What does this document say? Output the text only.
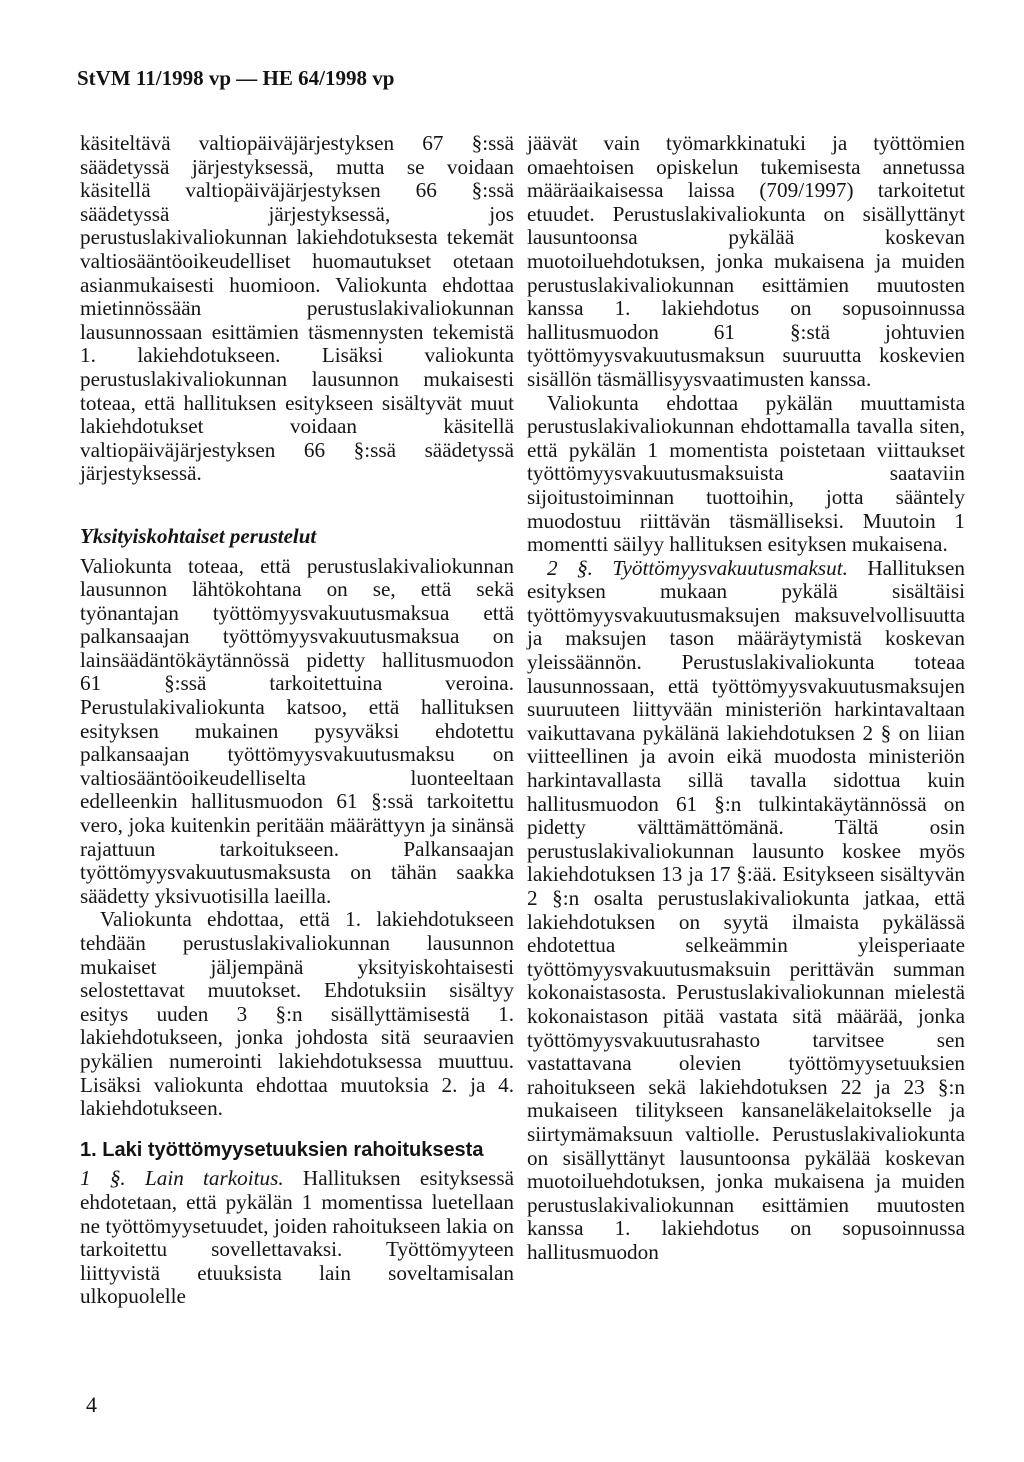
StVM 11/1998 vp — HE 64/1998 vp

käsiteltävä valtiopäiväjärjestyksen 67 §:ssä säädetyssä järjestyksessä, mutta se voidaan käsitellä valtiopäiväjärjestyksen 66 §:ssä säädetyssä järjestyksessä, jos perustuslakivaliokunnan lakiehdotuksesta tekemät valtiosääntöoikeudelliset huomautukset otetaan asianmukaisesti huomioon. Valiokunta ehdottaa mietinnössään perustuslakivaliokunnan lausunnossaan esittämien täsmennysten tekemistä 1. lakiehdotukseen. Lisäksi valiokunta perustuslakivaliokunnan lausunnon mukaisesti toteaa, että hallituksen esitykseen sisältyvät muut lakiehdotukset voidaan käsitellä valtiopäiväjärjestyksen 66 §:ssä säädetyssä järjestyksessä.

Yksityiskohtaiset perustelut

Valiokunta toteaa, että perustuslakivaliokunnan lausunnon lähtökohtana on se, että sekä työnantajan työttömyysvakuutusmaksua että palkansaajan työttömyysvakuutusmaksua on lainsäädäntökäytännössä pidetty hallitusmuodon 61 §:ssä tarkoitettuina veroina. Perustulakivaliokunta katsoo, että hallituksen esityksen mukainen pysyväksi ehdotettu palkansaajan työttömyysvakuutusmaksu on valtiosääntöoikeudelliselta luonteeltaan edelleenkin hallitusmuodon 61 §:ssä tarkoitettu vero, joka kuitenkin peritään määrättyyn ja sinänsä rajattuun tarkoitukseen. Palkansaajan työttömyysvakuutusmaksusta on tähän saakka säädetty yksivuotisilla laeilla.

Valiokunta ehdottaa, että 1. lakiehdotukseen tehdään perustuslakivaliokunnan lausunnon mukaiset jäljempänä yksityiskohtaisesti selostettavat muutokset. Ehdotuksiin sisältyy esitys uuden 3 §:n sisällyttämisestä 1. lakiehdotukseen, jonka johdosta sitä seuraavien pykälien numerointi lakiehdotuksessa muuttuu. Lisäksi valiokunta ehdottaa muutoksia 2. ja 4. lakiehdotukseen.

1. Laki työttömyysetuuksien rahoituksesta

1 §. Lain tarkoitus. Hallituksen esityksessä ehdotetaan, että pykälän 1 momentissa luetellaan ne työttömyysetuudet, joiden rahoitukseen lakia on tarkoitettu sovellettavaksi. Työttömyyteen liittyvistä etuuksista lain soveltamisalan ulkopuolelle

jäävät vain työmarkkinatuki ja työttömien omaehtoisen opiskelun tukemisesta annetussa määräaikaisessa laissa (709/1997) tarkoitetut etuudet. Perustuslakivaliokunta on sisällyttänyt lausuntoonsa pykälää koskevan muotoiluehdotuksen, jonka mukaisena ja muiden perustuslakivaliokunnan esittämien muutosten kanssa 1. lakiehdotus on sopusoinnussa hallitusmuodon 61 §:stä johtuvien työttömyysvakuutusmaksun suuruutta koskevien sisällön täsmällisyysvaatimusten kanssa.

Valiokunta ehdottaa pykälän muuttamista perustuslakivaliokunnan ehdottamalla tavalla siten, että pykälän 1 momentista poistetaan viittaukset työttömyysvakuutusmaksuista saataviin sijoitustoiminnan tuottoihin, jotta sääntely muodostuu riittävän täsmälliseksi. Muutoin 1 momentti säilyy hallituksen esityksen mukaisena.

2 §. Työttömyysvakuutusmaksut. Hallituksen esityksen mukaan pykälä sisältäisi työttömyysvakuutusmaksujen maksuvelvollisuutta ja maksujen tason määräytymistä koskevan yleissäännön. Perustuslakivaliokunta toteaa lausunnossaan, että työttömyysvakuutusmaksujen suuruuteen liittyvään ministeriön harkintavaltaan vaikuttavana pykälänä lakiehdotuksen 2 § on liian viitteellinen ja avoin eikä muodosta ministeriön harkintavallasta sillä tavalla sidottua kuin hallitusmuodon 61 §:n tulkintakäytännössä on pidetty välttämättömänä. Tältä osin perustuslakivaliokunnan lausunto koskee myös lakiehdotuksen 13 ja 17 §:ää. Esitykseen sisältyvän 2 §:n osalta perustuslakivaliokunta jatkaa, että lakiehdotuksen on syytä ilmaista pykälässä ehdotettua selkeämmin yleisperiaate työttömyysvakuutusmaksuin perittävän summan kokonaistasosta. Perustuslakivaliokunnan mielestä kokonaistason pitää vastata sitä määrää, jonka työttömyysvakuutusrahasto tarvitsee sen vastattavana olevien työttömyysetuuksien rahoitukseen sekä lakiehdotuksen 22 ja 23 §:n mukaiseen tilitykseen kansaneläkelaitokselle ja siirtymämaksuun valtiolle. Perustuslakivaliokunta on sisällyttänyt lausuntoonsa pykälää koskevan muotoiluehdotuksen, jonka mukaisena ja muiden perustuslakivaliokunnan esittämien muutosten kanssa 1. lakiehdotus on sopusoinnussa hallitusmuodon

4
